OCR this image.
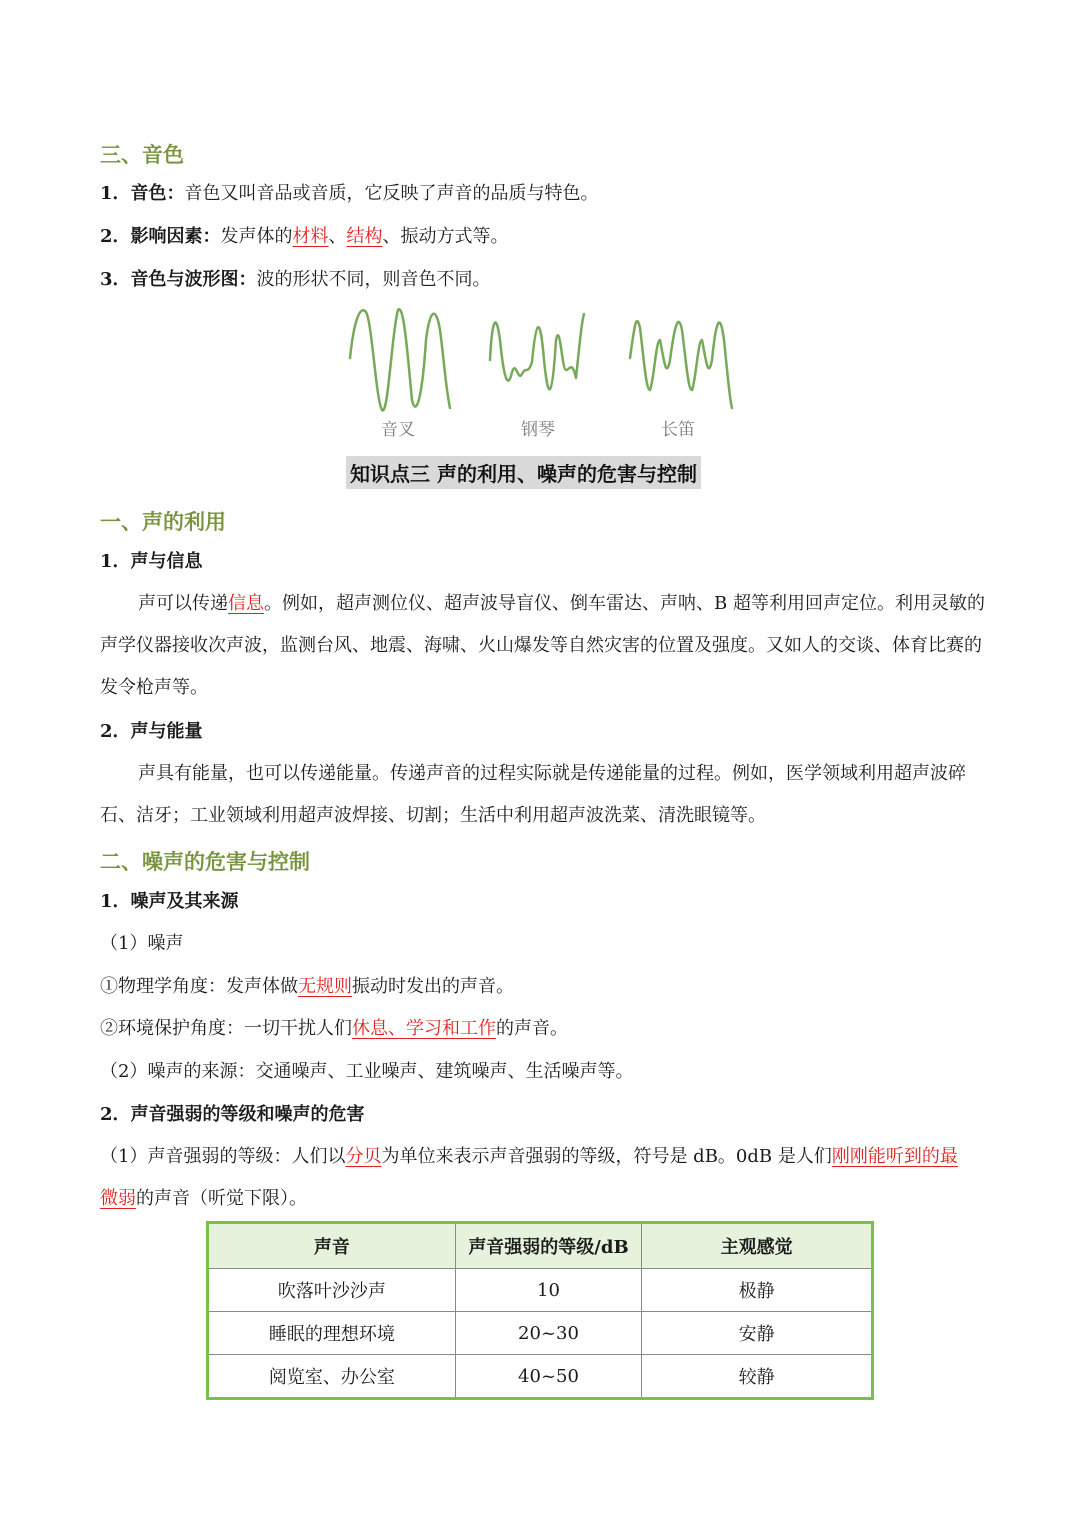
三、音色
1．音色：音色又叫音品或音质，它反映了声音的品质与特色。
2．影响因素：发声体的材料、结构、振动方式等。
3．音色与波形图：波的形状不同，则音色不同。
音叉	钢琴	长笛
知识点三 声的利用、噪声的危害与控制
一、声的利用
1．声与信息
声可以传递信息。例如，超声测位仪、超声波导盲仪、倒车雷达、声呐、B 超等利用回声定位。利用灵敏的声学仪器接收次声波，监测台风、地震、海啸、火山爆发等自然灾害的位置及强度。又如人的交谈、体育比赛的发令枪声等。
2．声与能量
声具有能量，也可以传递能量。传递声音的过程实际就是传递能量的过程。例如，医学领域利用超声波碎石、洁牙；工业领域利用超声波焊接、切割；生活中利用超声波洗菜、清洗眼镜等。
二、噪声的危害与控制
1．噪声及其来源
（1）噪声
①物理学角度：发声体做无规则振动时发出的声音。
②环境保护角度：一切干扰人们休息、学习和工作的声音。
（2）噪声的来源：交通噪声、工业噪声、建筑噪声、生活噪声等。
2．声音强弱的等级和噪声的危害
（1）声音强弱的等级：人们以分贝为单位来表示声音强弱的等级，符号是 dB。0dB 是人们刚刚能听到的最
微弱的声音（听觉下限）。
声音	声音强弱的等级/dB	主观感觉
吹落叶沙沙声	10	极静
睡眠的理想环境	20~30	安静
阅览室、办公室	40~50	较静
